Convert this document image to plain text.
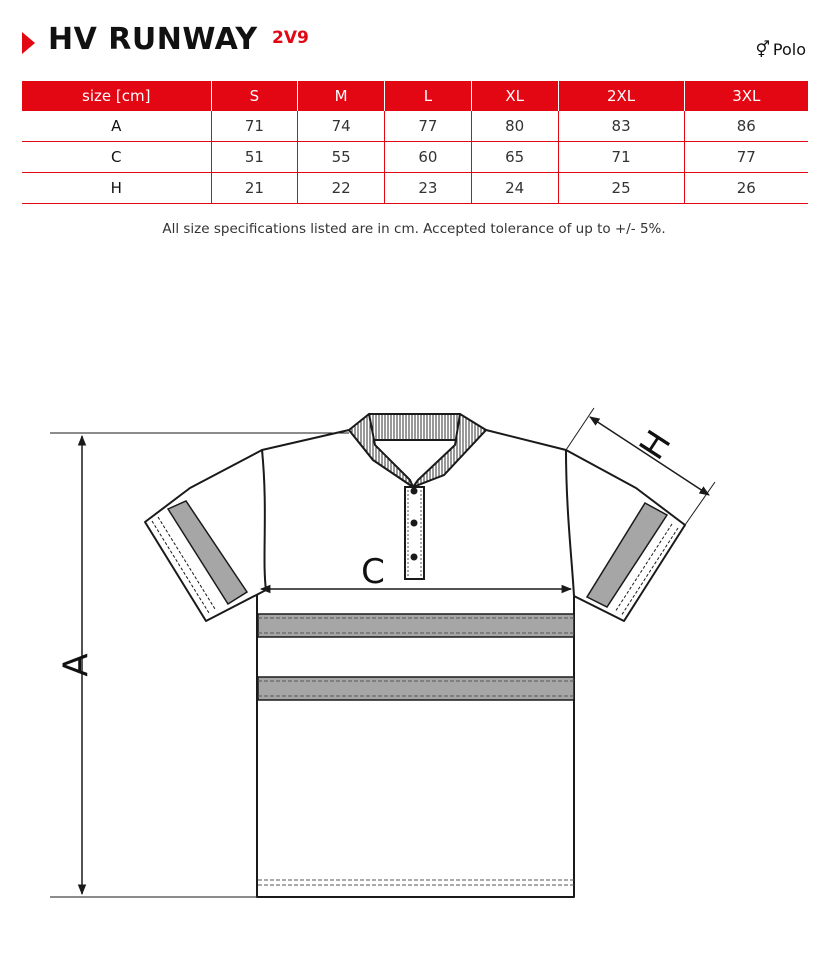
HV RUNWAY 2V9
⚥ Polo
size [cm]	S	M	L	XL	2XL	3XL
A	71	74	77	80	83	86
C	51	55	60	65	71	77
H	21	22	23	24	25	26
All size specifications listed are in cm. Accepted tolerance of up to +/- 5%.
A
C
H
